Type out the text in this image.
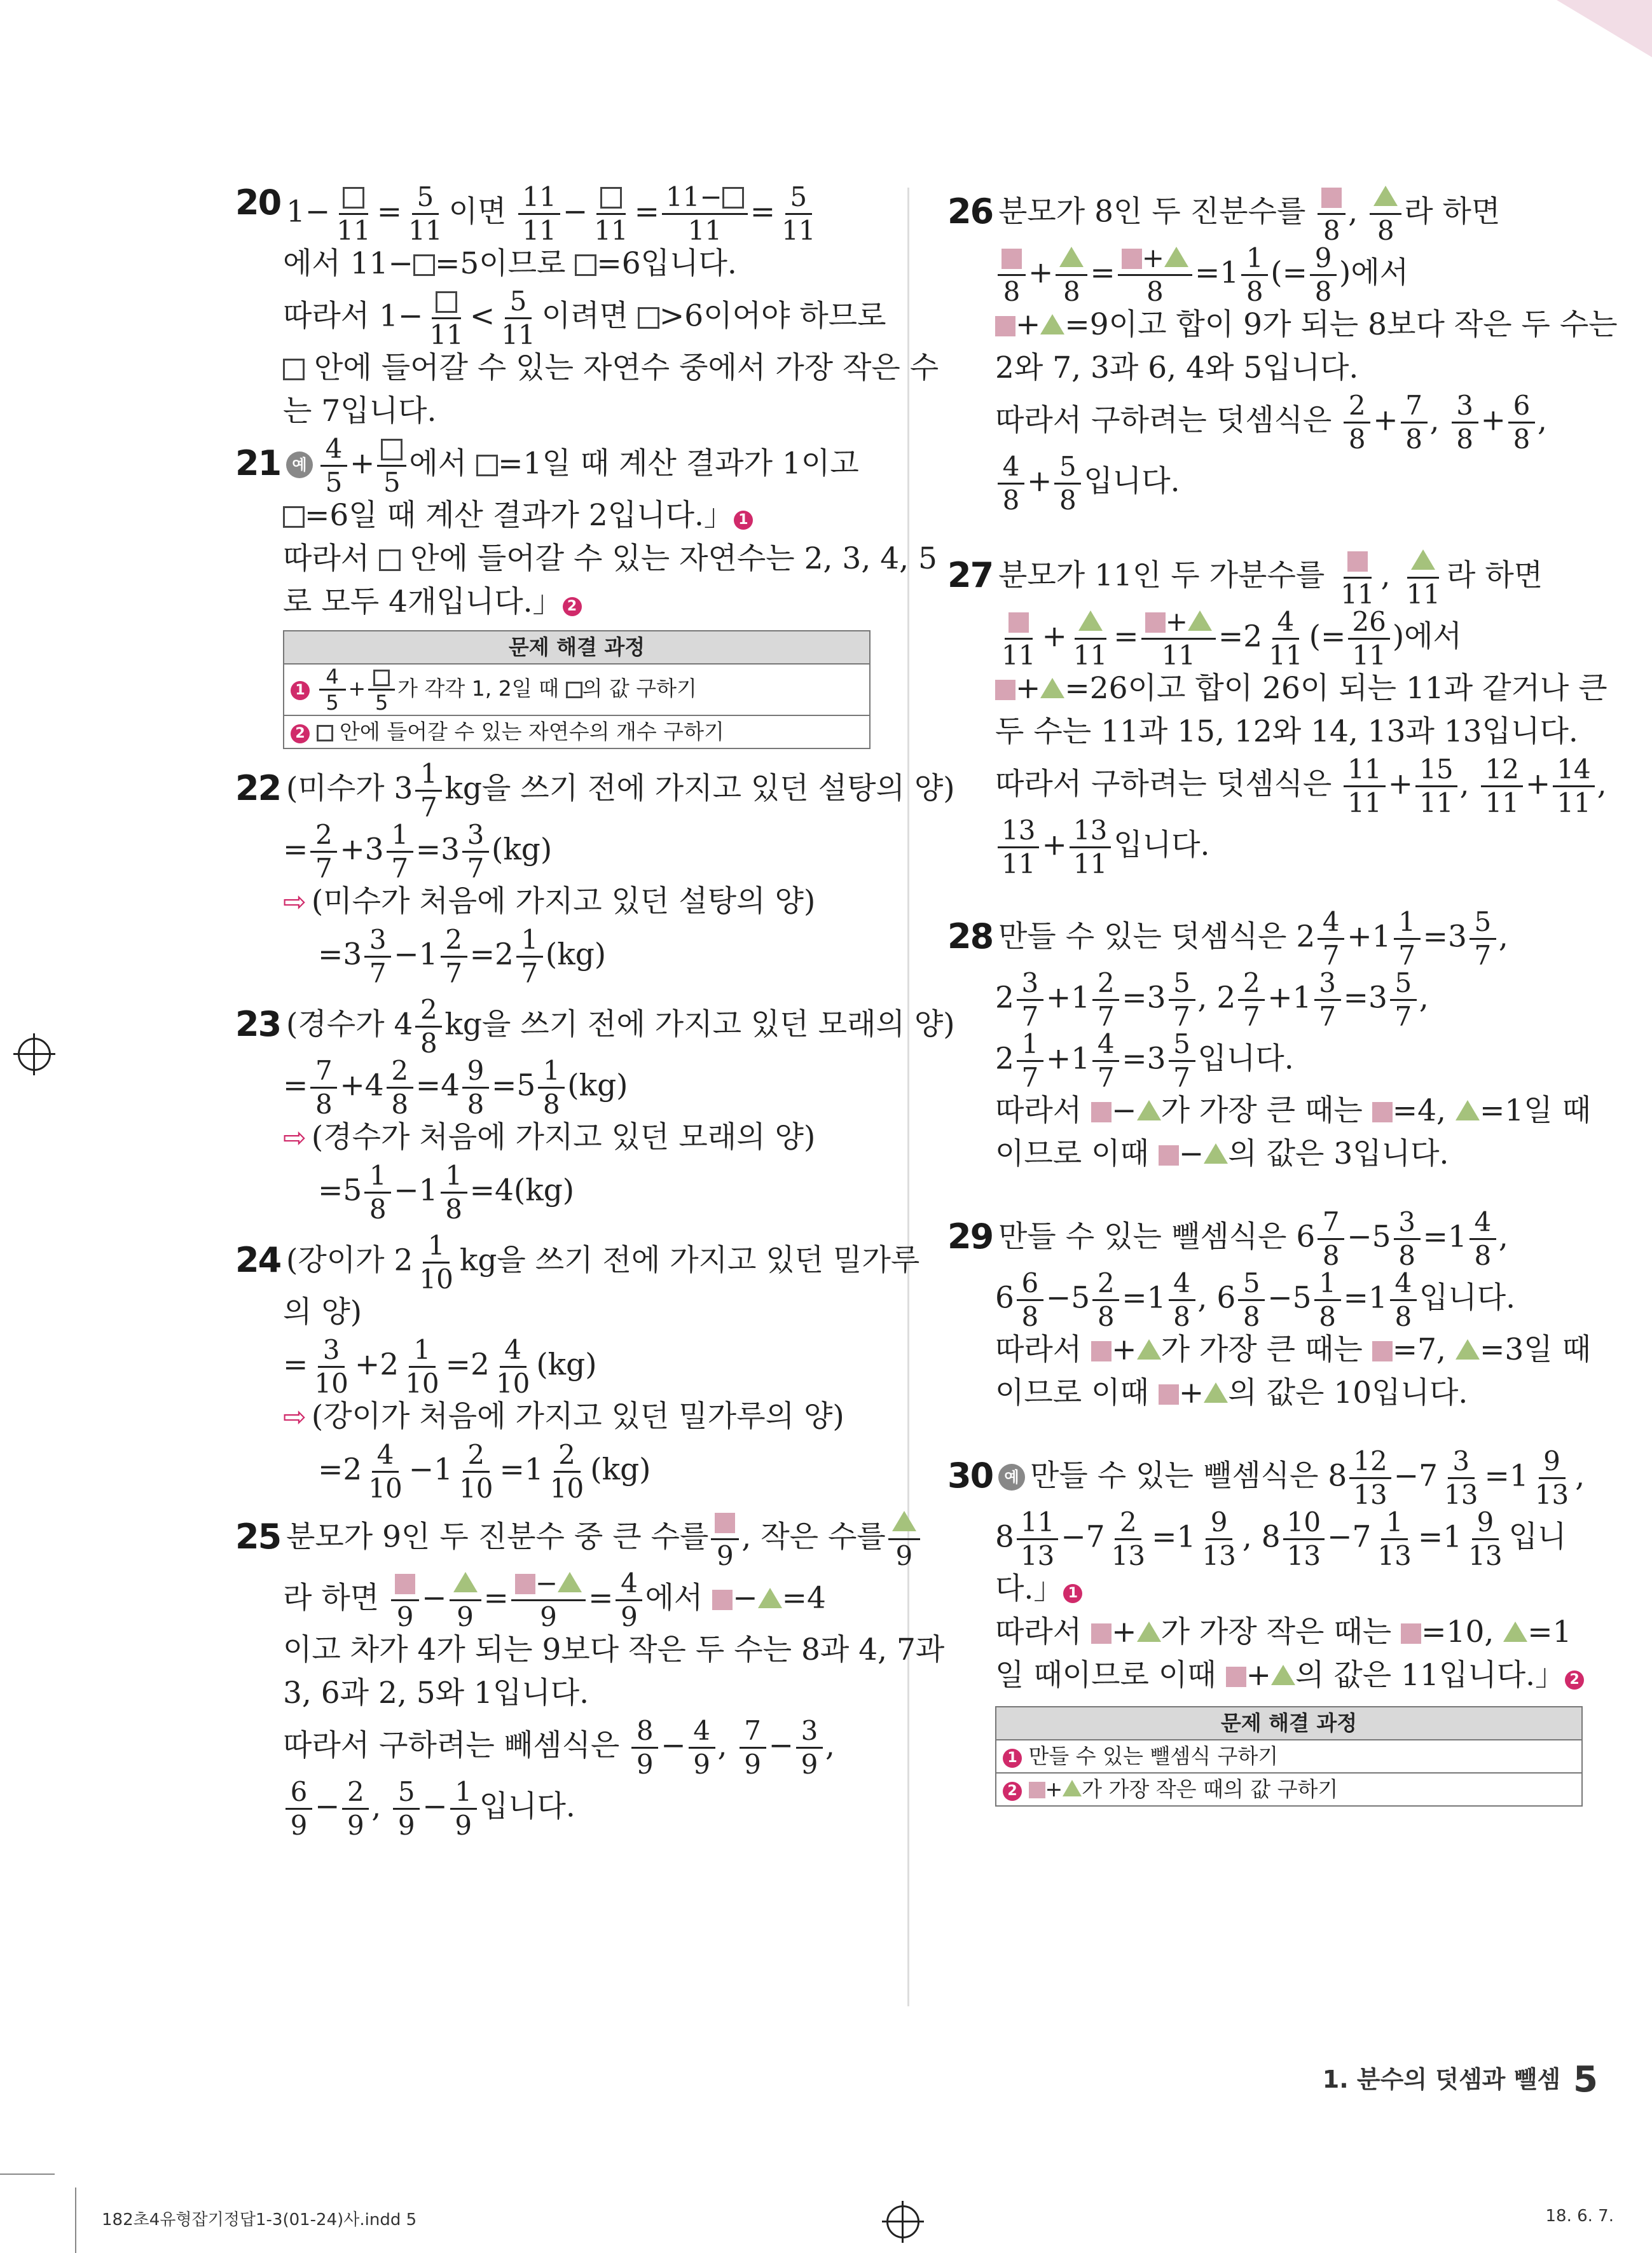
20 1−
11
= $\frac{5}{11}$ 이면 $\frac{11}{11}$ −
11
= $\frac{11-}{11} = \frac{5}{11}$
에서 11− =5이므로 =6입니다.
따라서 1−
11
< $\frac{5}{11}$ 이려면 >6이어야 하므로
안에 들어갈 수 있는 자연수 중에서 가장 작은 수
는 7입니다.
21 예 $\frac{4}{5}$ +
5
에서 =1일 때 계산 결과가 1이고
=6일 때 계산 결과가 2입니다.」 1
따라서 안에 들어갈 수 있는 자연수는 2, 3, 4, 5
로 모두 4개입니다.」 2
문제 해결 과정
$1 \frac{4}{5}$ +
5
가 각각 1, 2일 때 의 값 구하기
2 안에 들어갈 수 있는 자연수의 개수 구하기
22 (미수가 $3 \frac{1}{7}$ kg을 쓰기 전에 가지고 있던 설탕의 양)
= $\frac{2}{7} +3 \frac{1}{7} =3 \frac{3}{7} (kg)$
⇨ (미수가 처음에 가지고 있던 설탕의 양)
$=3 \frac{3}{7} -1 \frac{2}{7} =2 \frac{1}{7} (kg)$
23 (경수가 $4 \frac{2}{8}$ kg을 쓰기 전에 가지고 있던 모래의 양)
= $\frac{7}{8} +4 \frac{2}{8} =4 \frac{9}{8} =5 \frac{1}{8} (kg)$
⇨ (경수가 처음에 가지고 있던 모래의 양)
$=5 \frac{1}{8} -1 \frac{1}{8} =4(kg)$
24 (강이가 $2 \frac{1}{10}$ kg을 쓰기 전에 가지고 있던 밀가루
의 양)
= $\frac{3}{10} +2 \frac{1}{10} =2 \frac{4}{10} (kg)$
⇨ (강이가 처음에 가지고 있던 밀가루의 양)
$=2 \frac{4}{10} -1 \frac{2}{10} =1 \frac{2}{10} (kg)$
25 분모가 9인 두 진분수 중 큰 수를
9
, 작은 수를
9
라 하면
9
−
9
= $\frac{-}{9} = \frac{4}{9}$ 에서 − =4
이고 차가 4가 되는 9보다 작은 두 수는 8과 4, 7과
3, 6과 2, 5와 1입니다.
따라서 구하려는 빼셈식은 $\frac{8}{9} - \frac{4}{9}$ , $\frac{7}{9} - \frac{3}{9}$ ,
$\frac{6}{9} - \frac{2}{9}$ , $\frac{5}{9} - \frac{1}{9}$ 입니다.
26 분모가 8인 두 진분수를
8
,
8
라 하면
8
+
8
= $\frac{+}{8} =1 \frac{1}{8}$ (= $\frac{9}{8}$ )에서
+ =9이고 합이 9가 되는 8보다 작은 두 수는
2와 7, 3과 6, 4와 5입니다.
따라서 구하려는 덧셈식은 $\frac{2}{8} + \frac{7}{8}$ , $\frac{3}{8} + \frac{6}{8}$ ,
$\frac{4}{8} + \frac{5}{8}$ 입니다.
27 분모가 11인 두 가분수를
11
,
11
라 하면
11
+
11
= $\frac{+}{11} =2 \frac{4}{11}$ (= $\frac{26}{11}$ )에서
+ =26이고 합이 26이 되는 11과 같거나 큰
두 수는 11과 15, 12와 14, 13과 13입니다.
따라서 구하려는 덧셈식은 $\frac{11}{11} + \frac{15}{11}$ , $\frac{12}{11} + \frac{14}{11}$ ,
$\frac{13}{11} + \frac{13}{11}$ 입니다.
28 만들 수 있는 덧셈식은 $2 \frac{4}{7} +1 \frac{1}{7} =3 \frac{5}{7}$ ,
$2 \frac{3}{7} +1 \frac{2}{7} =3 \frac{5}{7}$ , $2 \frac{2}{7} +1 \frac{3}{7} =3 \frac{5}{7}$ ,
$2 \frac{1}{7} +1 \frac{4}{7} =3 \frac{5}{7}$ 입니다.
따라서 − 가 가장 큰 때는 =4, =1일 때
이므로 이때 − 의 값은 3입니다.
29 만들 수 있는 뺄셈식은 $6 \frac{7}{8} -5 \frac{3}{8} =1 \frac{4}{8}$ ,
$6 \frac{6}{8} -5 \frac{2}{8} =1 \frac{4}{8}$ , $6 \frac{5}{8} -5 \frac{1}{8} =1 \frac{4}{8}$ 입니다.
따라서 + 가 가장 큰 때는 =7, =3일 때
이므로 이때 + 의 값은 10입니다.
30 예 만들 수 있는 뺄셈식은 $8 \frac{12}{13} -7 \frac{3}{13} =1 \frac{9}{13}$ ,
$8 \frac{11}{13} -7 \frac{2}{13} =1 \frac{9}{13}$ , $8 \frac{10}{13} -7 \frac{1}{13} =1 \frac{9}{13}$ 입니
다.」 1
따라서 + 가 가장 작은 때는 =10, =1
일 때이므로 이때 + 의 값은 11입니다.」 2
문제 해결 과정
1 만들 수 있는 뺄셈식 구하기
2 + 가 가장 작은 때의 값 구하기
1. 분수의 덧셈과 뺄셈 5
182초4유형잡기정답1-3(01-24)사.indd 5	18. 6. 7.
